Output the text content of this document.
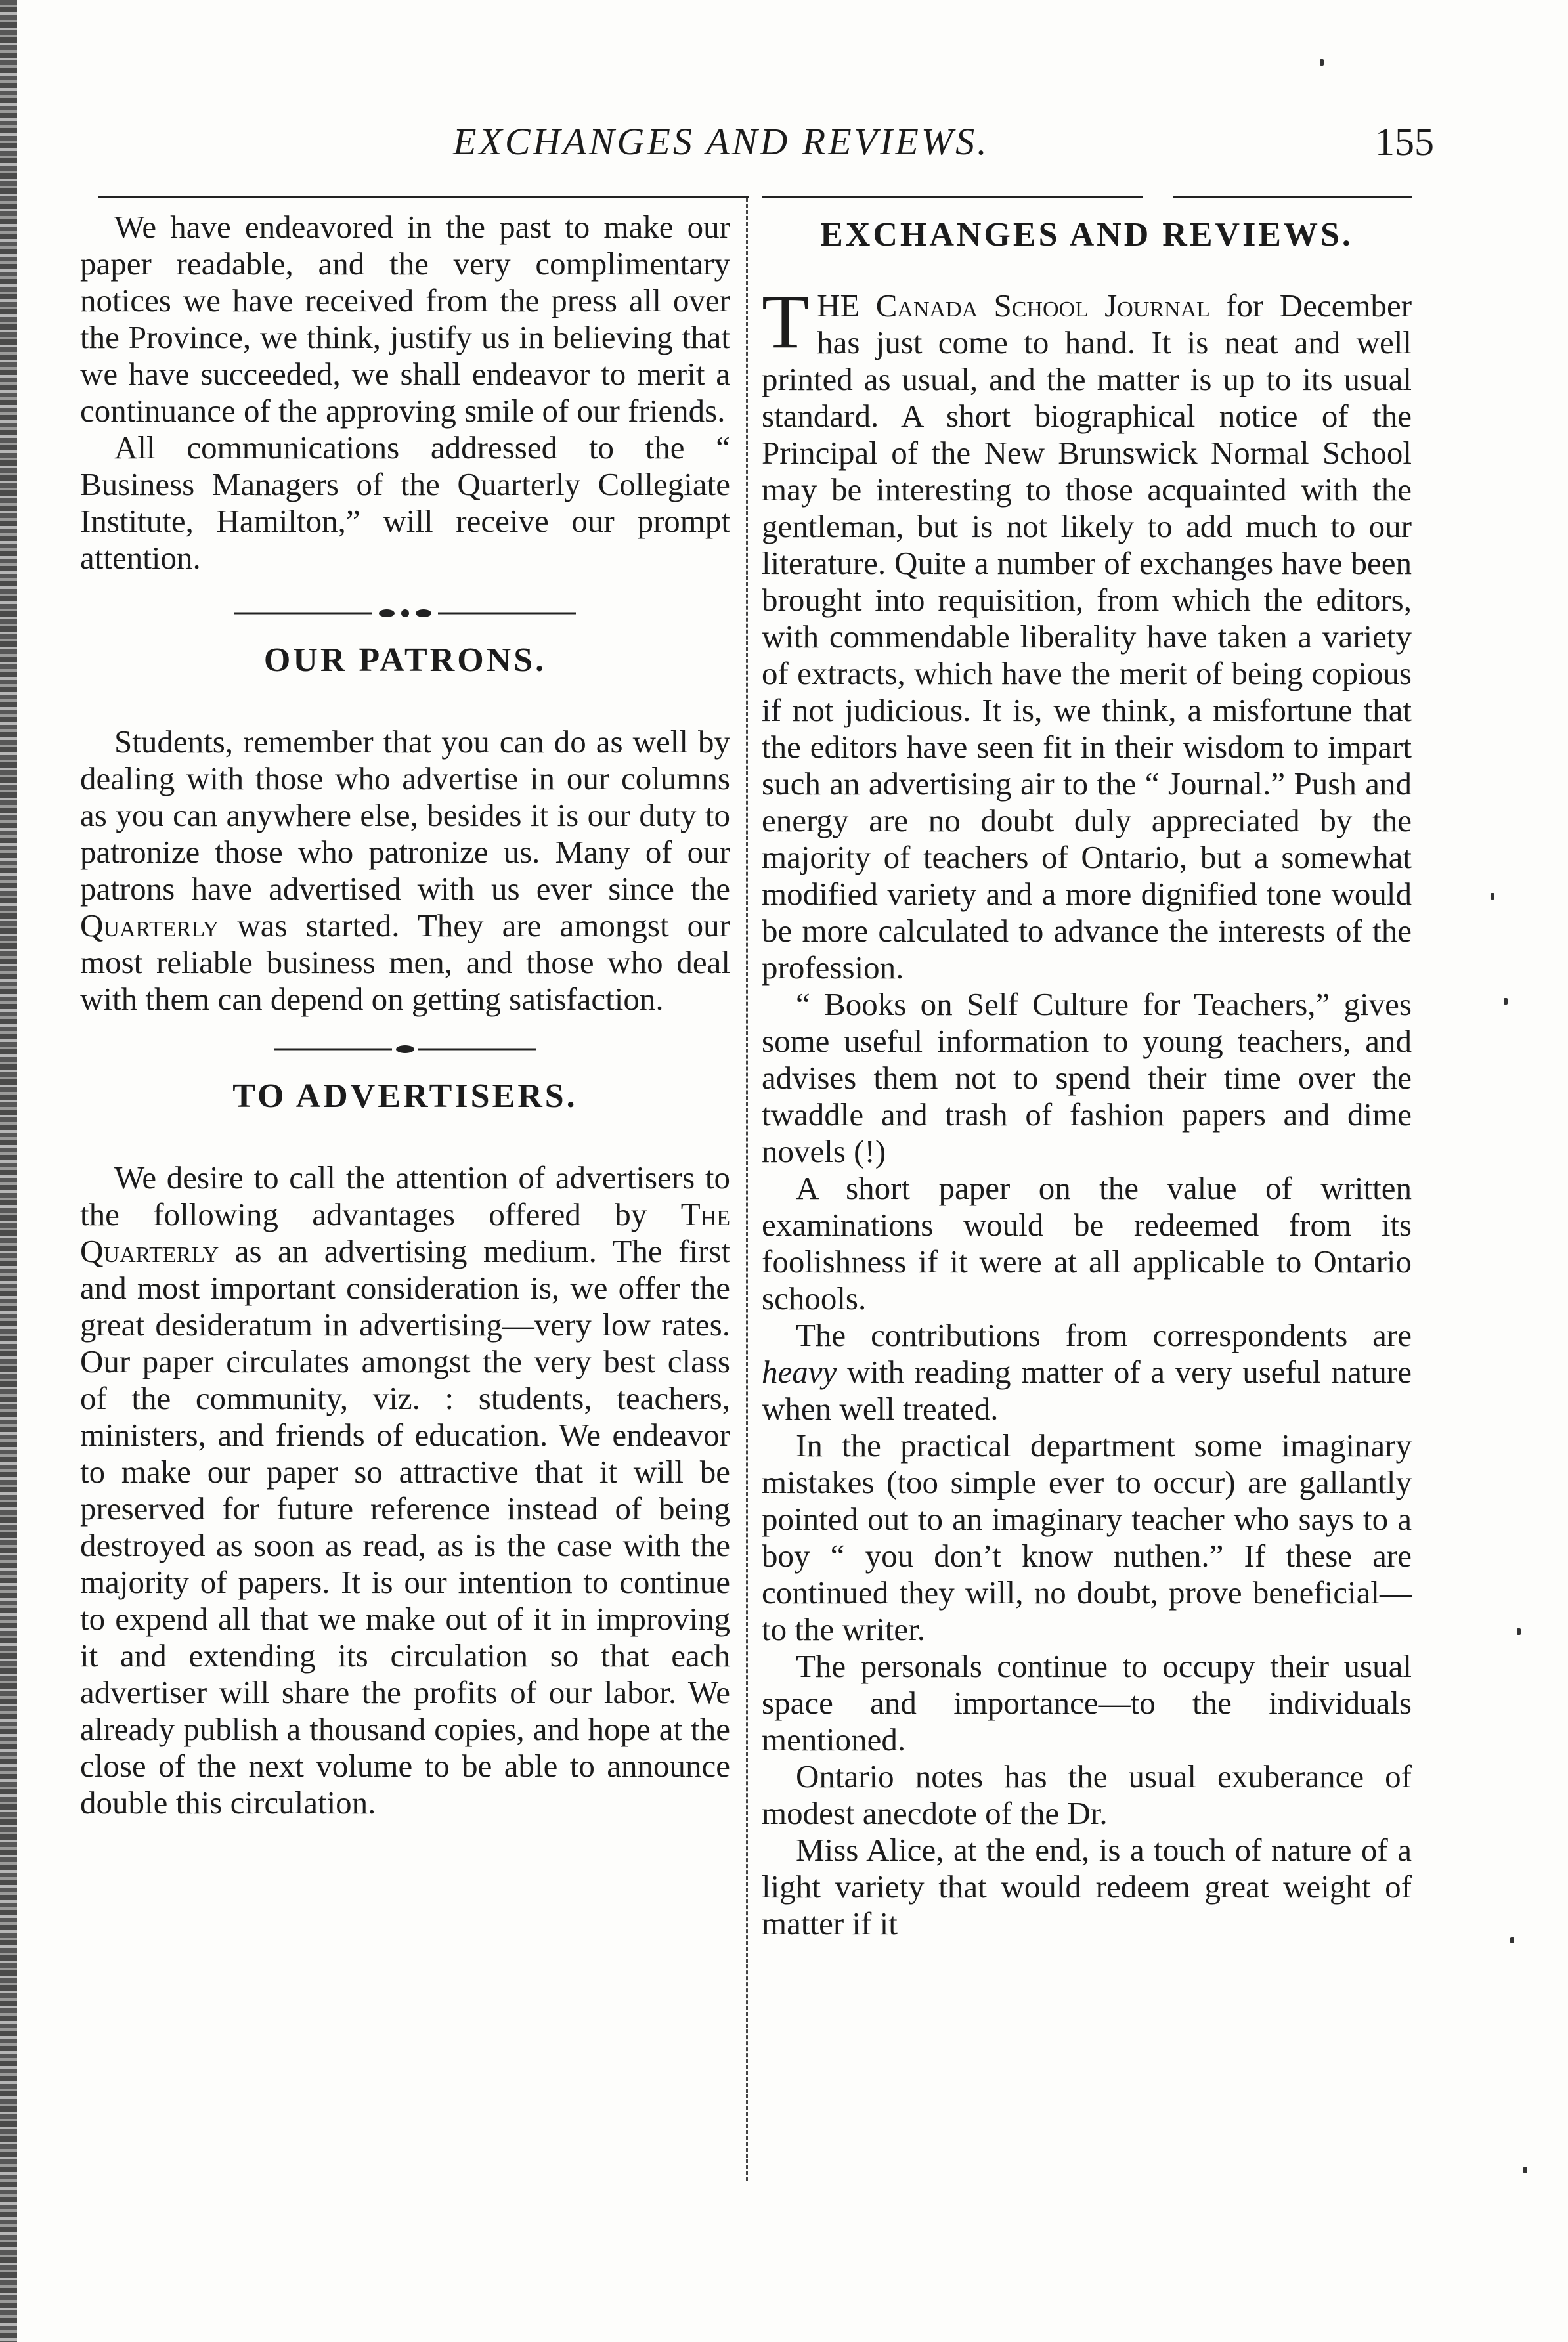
EXCHANGES AND REVIEWS.	155

We have endeavored in the past to make our paper readable, and the very complimentary notices we have received from the press all over the Province, we think, justify us in believing that we have succeeded, we shall endeavor to merit a continuance of the approving smile of our friends.

All communications addressed to the “ Business Managers of the Quarterly Collegiate Institute, Hamilton,” will receive our prompt attention.

OUR PATRONS.

Students, remember that you can do as well by dealing with those who advertise in our columns as you can anywhere else, besides it is our duty to patronize those who patronize us. Many of our patrons have advertised with us ever since the Quarterly was started. They are amongst our most reliable business men, and those who deal with them can depend on getting satisfaction.

TO ADVERTISERS.

We desire to call the attention of advertisers to the following advantages offered by The Quarterly as an advertising medium. The first and most important consideration is, we offer the great desideratum in advertising—very low rates. Our paper circulates amongst the very best class of the community, viz. : students, teachers, ministers, and friends of education. We endeavor to make our paper so attractive that it will be preserved for future reference instead of being destroyed as soon as read, as is the case with the majority of papers. It is our intention to continue to expend all that we make out of it in improving it and extending its circulation so that each advertiser will share the profits of our labor. We already publish a thousand copies, and hope at the close of the next volume to be able to announce double this circulation.

EXCHANGES AND REVIEWS.

THE Canada School Journal for December has just come to hand. It is neat and well printed as usual, and the matter is up to its usual standard. A short biographical notice of the Principal of the New Brunswick Normal School may be interesting to those acquainted with the gentleman, but is not likely to add much to our literature. Quite a number of exchanges have been brought into requisition, from which the editors, with commendable liberality have taken a variety of extracts, which have the merit of being copious if not judicious. It is, we think, a misfortune that the editors have seen fit in their wisdom to impart such an advertising air to the “ Journal.” Push and energy are no doubt duly appreciated by the majority of teachers of Ontario, but a somewhat modified variety and a more dignified tone would be more calculated to advance the interests of the profession.

“ Books on Self Culture for Teachers,” gives some useful information to young teachers, and advises them not to spend their time over the twaddle and trash of fashion papers and dime novels (!)

A short paper on the value of written examinations would be redeemed from its foolishness if it were at all applicable to Ontario schools.

The contributions from correspondents are heavy with reading matter of a very useful nature when well treated.

In the practical department some imaginary mistakes (too simple ever to occur) are gallantly pointed out to an imaginary teacher who says to a boy “ you don’t know nuthen.” If these are continued they will, no doubt, prove beneficial—to the writer.

The personals continue to occupy their usual space and importance—to the individuals mentioned.

Ontario notes has the usual exuberance of modest anecdote of the Dr.

Miss Alice, at the end, is a touch of nature of a light variety that would redeem great weight of matter if it
